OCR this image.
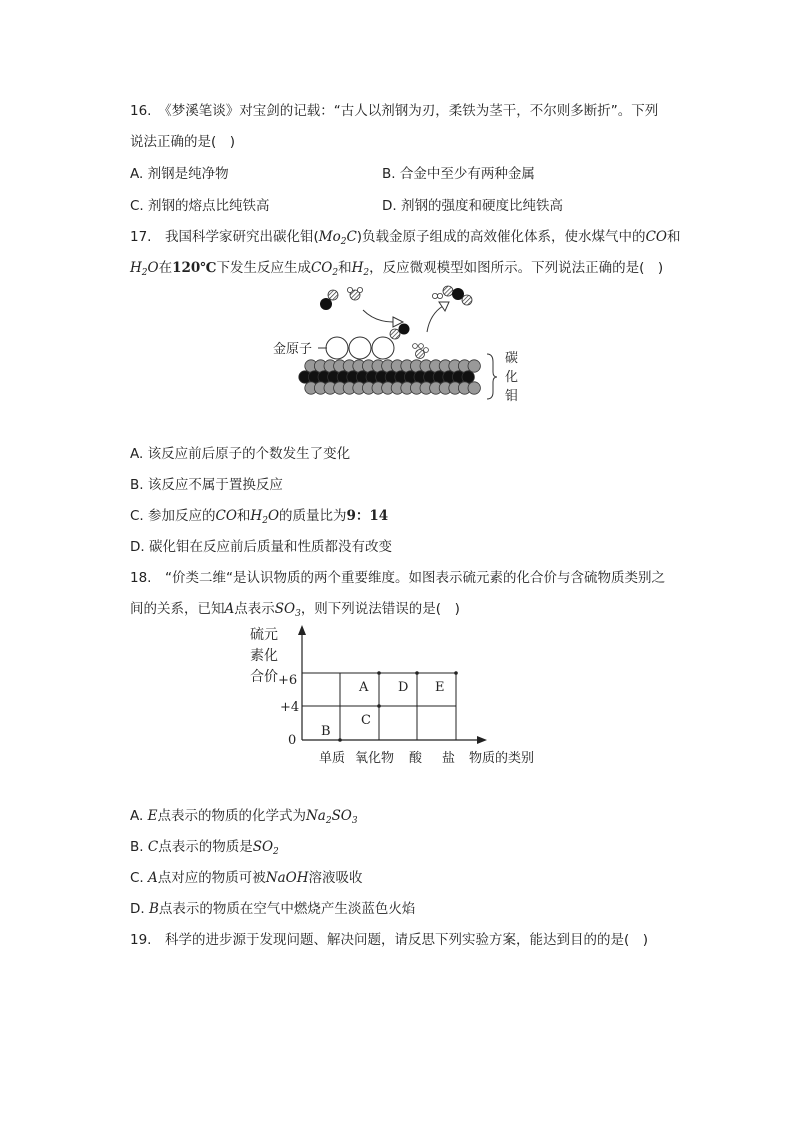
16.　《梦溪笔谈》对宝剑的记载：“古人以剂钢为刃，柔铁为茎干，不尔则多断折”。下列
说法正确的是(　)
A. 剂钢是纯净物	B. 合金中至少有两种金属
C. 剂钢的熔点比纯铁高	D. 剂钢的强度和硬度比纯铁高
17.　我国科学家研究出碳化钼$(Mo_2C)$负载金原子组成的高效催化体系，使水煤气中的CO和
$H_2O$在120℃下发生反应生成$CO_2$和$H_2$，反应微观模型如图所示。下列说法正确的是(　)
金原子
碳
化
钼
A. 该反应前后原子的个数发生了变化
B. 该反应不属于置换反应
C. 参加反应的CO和$H_2O$的质量比为9：14
D. 碳化钼在反应前后质量和性质都没有改变
18.　“价类二维“是认识物质的两个重要维度。如图表示硫元素的化合价与含硫物质类别之
间的关系，已知A点表示$SO_3$，则下列说法错误的是(　)
硫元
素化
合价 +6
+4
0
B
C
A D E
单质 氧化物 酸 盐 物质的类别
A. E点表示的物质的化学式为$Na_2SO_3$
B. C点表示的物质是$SO_2$
C. A点对应的物质可被NaOH溶液吸收
D. B点表示的物质在空气中燃烧产生淡蓝色火焰
19.　科学的进步源于发现问题、解决问题，请反思下列实验方案，能达到目的的是(　)
